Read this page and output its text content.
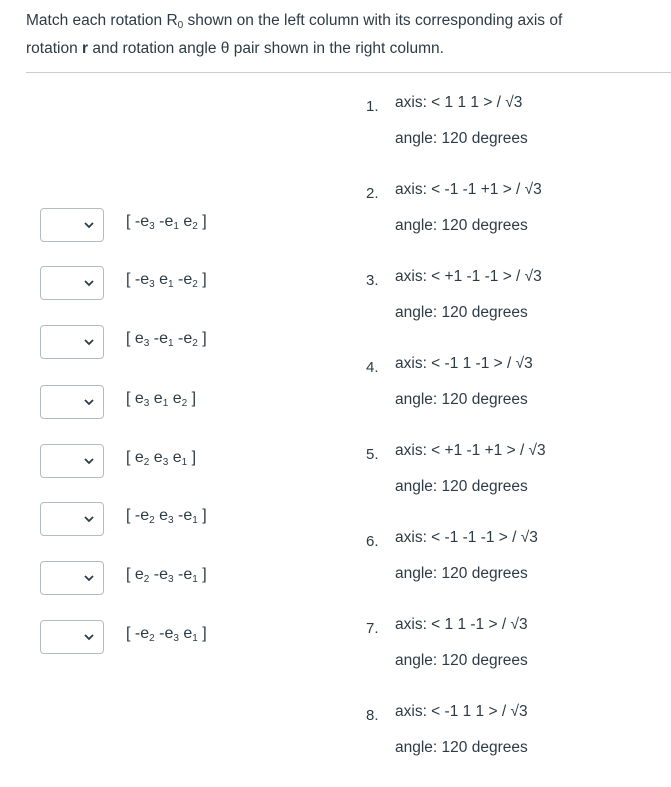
Match each rotation $R_0$ shown on the left column with its corresponding axis of
rotation r and rotation angle θ pair shown in the right column.
[ $-e_3$ $-e_1$ $e_2$ ]
[ $-e_3$ $e_1$ $-e_2$ ]
[ $e_3$ $-e_1$ $-e_2$ ]
[ $e_3$ $e_1$ $e_2$ ]
[ $e_2$ $e_3$ $e_1$ ]
[ $-e_2$ $e_3$ $-e_1$ ]
[ $e_2$ $-e_3$ $-e_1$ ]
[ $-e_2$ $-e_3$ $e_1$ ]
1. axis: < 1 1 1 > / √3
angle: 120 degrees
2. axis: < -1 -1 +1 > / √3
angle: 120 degrees
3. axis: < +1 -1 -1 > / √3
angle: 120 degrees
4. axis: < -1 1 -1 > / √3
angle: 120 degrees
5. axis: < +1 -1 +1 > / √3
angle: 120 degrees
6. axis: < -1 -1 -1 > / √3
angle: 120 degrees
7. axis: < 1 1 -1 > / √3
angle: 120 degrees
8. axis: < -1 1 1 > / √3
angle: 120 degrees
